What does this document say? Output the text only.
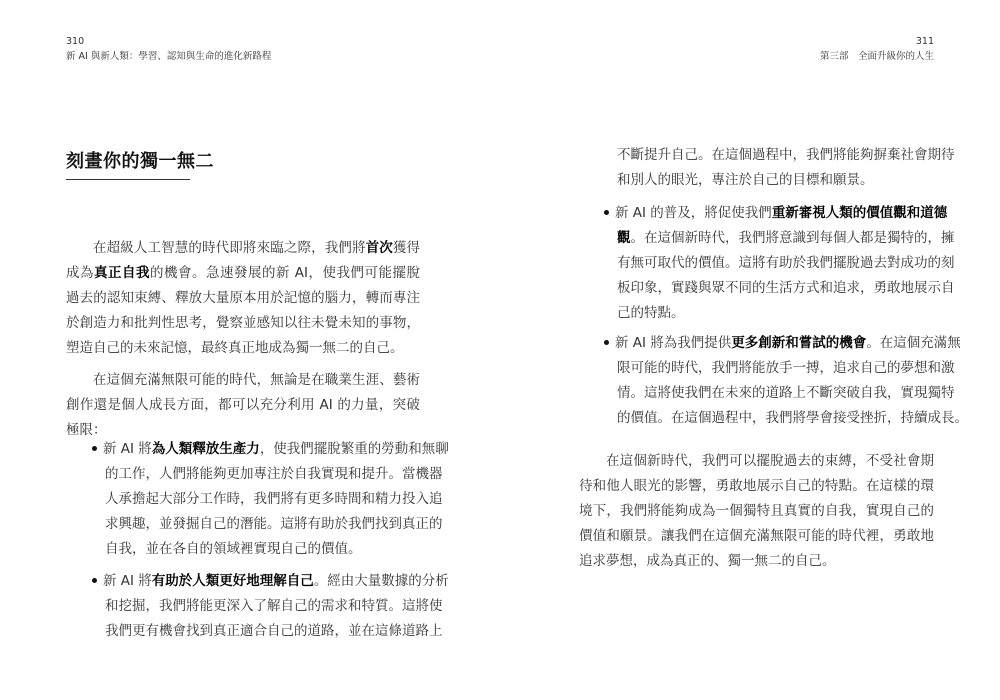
310

新 AI 與新人類：學習、認知與生命的進化新路程

刻畫你的獨一無二

在超級人工智慧的時代即將來臨之際，我們將首次獲得成為真正自我的機會。急速發展的新 AI，使我們可能擺脫過去的認知束縛、釋放大量原本用於記憶的腦力，轉而專注於創造力和批判性思考，覺察並感知以往未覺未知的事物，塑造自己的未來記憶，最終真正地成為獨一無二的自己。

在這個充滿無限可能的時代，無論是在職業生涯、藝術創作還是個人成長方面，都可以充分利用 AI 的力量，突破極限：

新 AI 將為人類釋放生產力，使我們擺脫繁重的勞動和無聊

的工作，人們將能夠更加專注於自我實現和提升。當機器

人承擔起大部分工作時，我們將有更多時間和精力投入追

求興趣，並發掘自己的潛能。這將有助於我們找到真正的

自我，並在各自的領域裡實現自己的價值。

新 AI 將有助於人類更好地理解自己。經由大量數據的分析

和挖掘，我們將能更深入了解自己的需求和特質。這將使

我們更有機會找到真正適合自己的道路，並在這條道路上

311

第三部　全面升級你的人生

不斷提升自己。在這個過程中，我們將能夠摒棄社會期待

和別人的眼光，專注於自己的目標和願景。

新 AI 的普及，將促使我們重新審視人類的價值觀和道德

觀。在這個新時代，我們將意識到每個人都是獨特的，擁

有無可取代的價值。這將有助於我們擺脫過去對成功的刻

板印象，實踐與眾不同的生活方式和追求，勇敢地展示自

己的特點。

新 AI 將為我們提供更多創新和嘗試的機會。在這個充滿無

限可能的時代，我們將能放手一搏，追求自己的夢想和激

情。這將使我們在未來的道路上不斷突破自我，實現獨特

的價值。在這個過程中，我們將學會接受挫折，持續成長。

在這個新時代，我們可以擺脫過去的束縛，不受社會期待和他人眼光的影響，勇敢地展示自己的特點。在這樣的環境下，我們將能夠成為一個獨特且真實的自我，實現自己的價值和願景。讓我們在這個充滿無限可能的時代裡，勇敢地追求夢想，成為真正的、獨一無二的自己。
